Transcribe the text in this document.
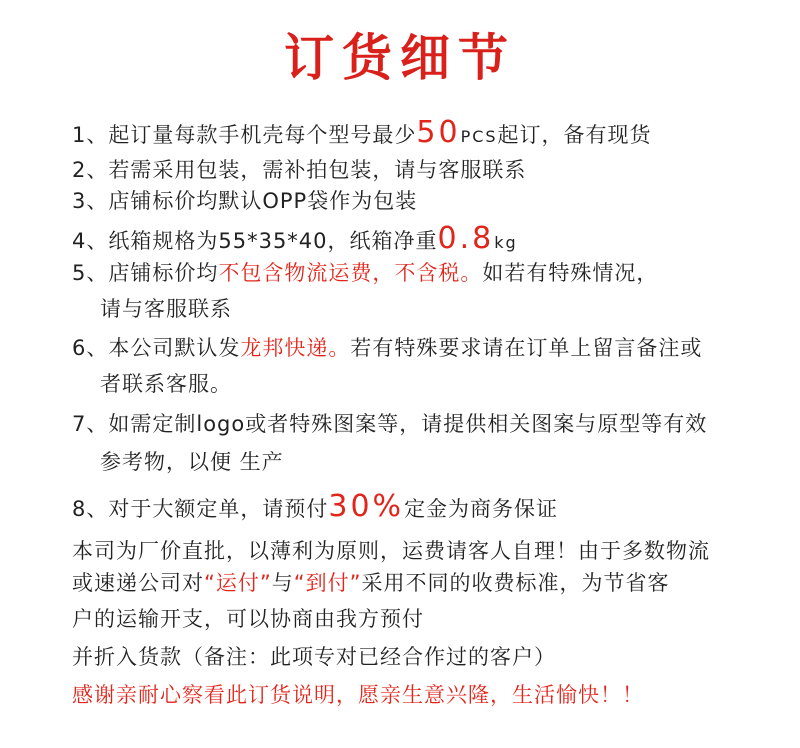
订货细节
1、起订量每款手机壳每个型号最少50PCS起订，备有现货
2、若需采用包装，需补拍包装，请与客服联系
3、店铺标价均默认OPP袋作为包装
4、纸箱规格为55*35*40，纸箱净重0.8kg
5、店铺标价均不包含物流运费，不含税。如若有特殊情况，
请与客服联系
6、本公司默认发龙邦快递。若有特殊要求请在订单上留言备注或
者联系客服。
7、如需定制logo或者特殊图案等，请提供相关图案与原型等有效
参考物，以便 生产
8、对于大额定单，请预付30%定金为商务保证
本司为厂价直批，以薄利为原则，运费请客人自理！由于多数物流
或速递公司对“运付”与“到付”采用不同的收费标准，为节省客
户的运输开支，可以协商由我方预付
并折入货款（备注：此项专对已经合作过的客户）
感谢亲耐心察看此订货说明，愿亲生意兴隆，生活愉快！！
